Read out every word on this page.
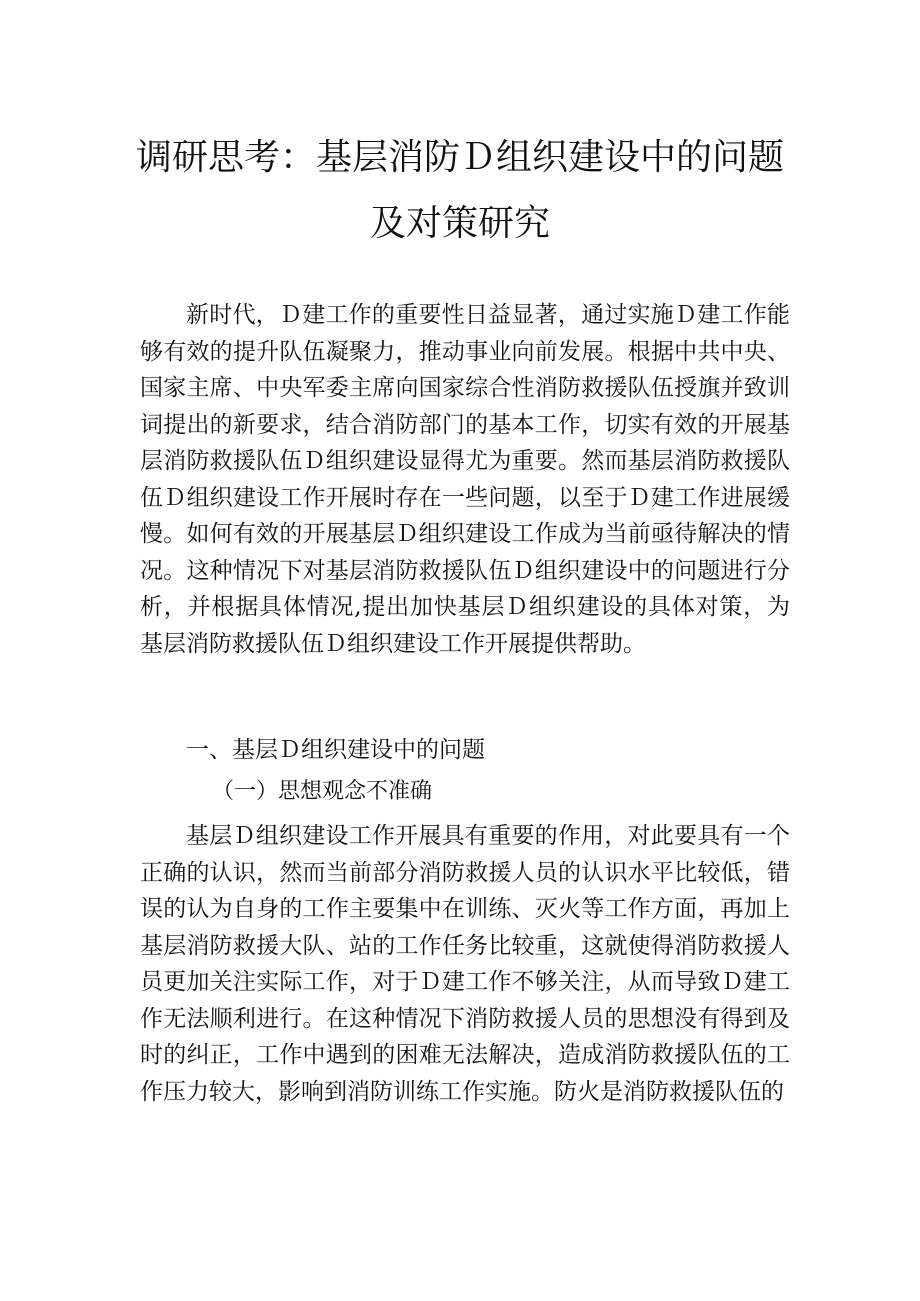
调研思考：基层消防Ｄ组织建设中的问题
及对策研究
新时代，Ｄ建工作的重要性日益显著，通过实施Ｄ建工作能够有效的提升队伍凝聚力，推动事业向前发展。根据中共中央、国家主席、中央军委主席向国家综合性消防救援队伍授旗并致训词提出的新要求，结合消防部门的基本工作，切实有效的开展基层消防救援队伍Ｄ组织建设显得尤为重要。然而基层消防救援队伍Ｄ组织建设工作开展时存在一些问题，以至于Ｄ建工作进展缓慢。如何有效的开展基层Ｄ组织建设工作成为当前亟待解决的情况。这种情况下对基层消防救援队伍Ｄ组织建设中的问题进行分析，并根据具体情况,提出加快基层Ｄ组织建设的具体对策，为基层消防救援队伍Ｄ组织建设工作开展提供帮助。
一、基层Ｄ组织建设中的问题
（一）思想观念不准确
基层Ｄ组织建设工作开展具有重要的作用，对此要具有一个正确的认识，然而当前部分消防救援人员的认识水平比较低，错误的认为自身的工作主要集中在训练、灭火等工作方面，再加上基层消防救援大队、站的工作任务比较重，这就使得消防救援人员更加关注实际工作，对于Ｄ建工作不够关注，从而导致Ｄ建工作无法顺利进行。在这种情况下消防救援人员的思想没有得到及时的纠正，工作中遇到的困难无法解决，造成消防救援队伍的工作压力较大，影响到消防训练工作实施。防火是消防救援队伍的
